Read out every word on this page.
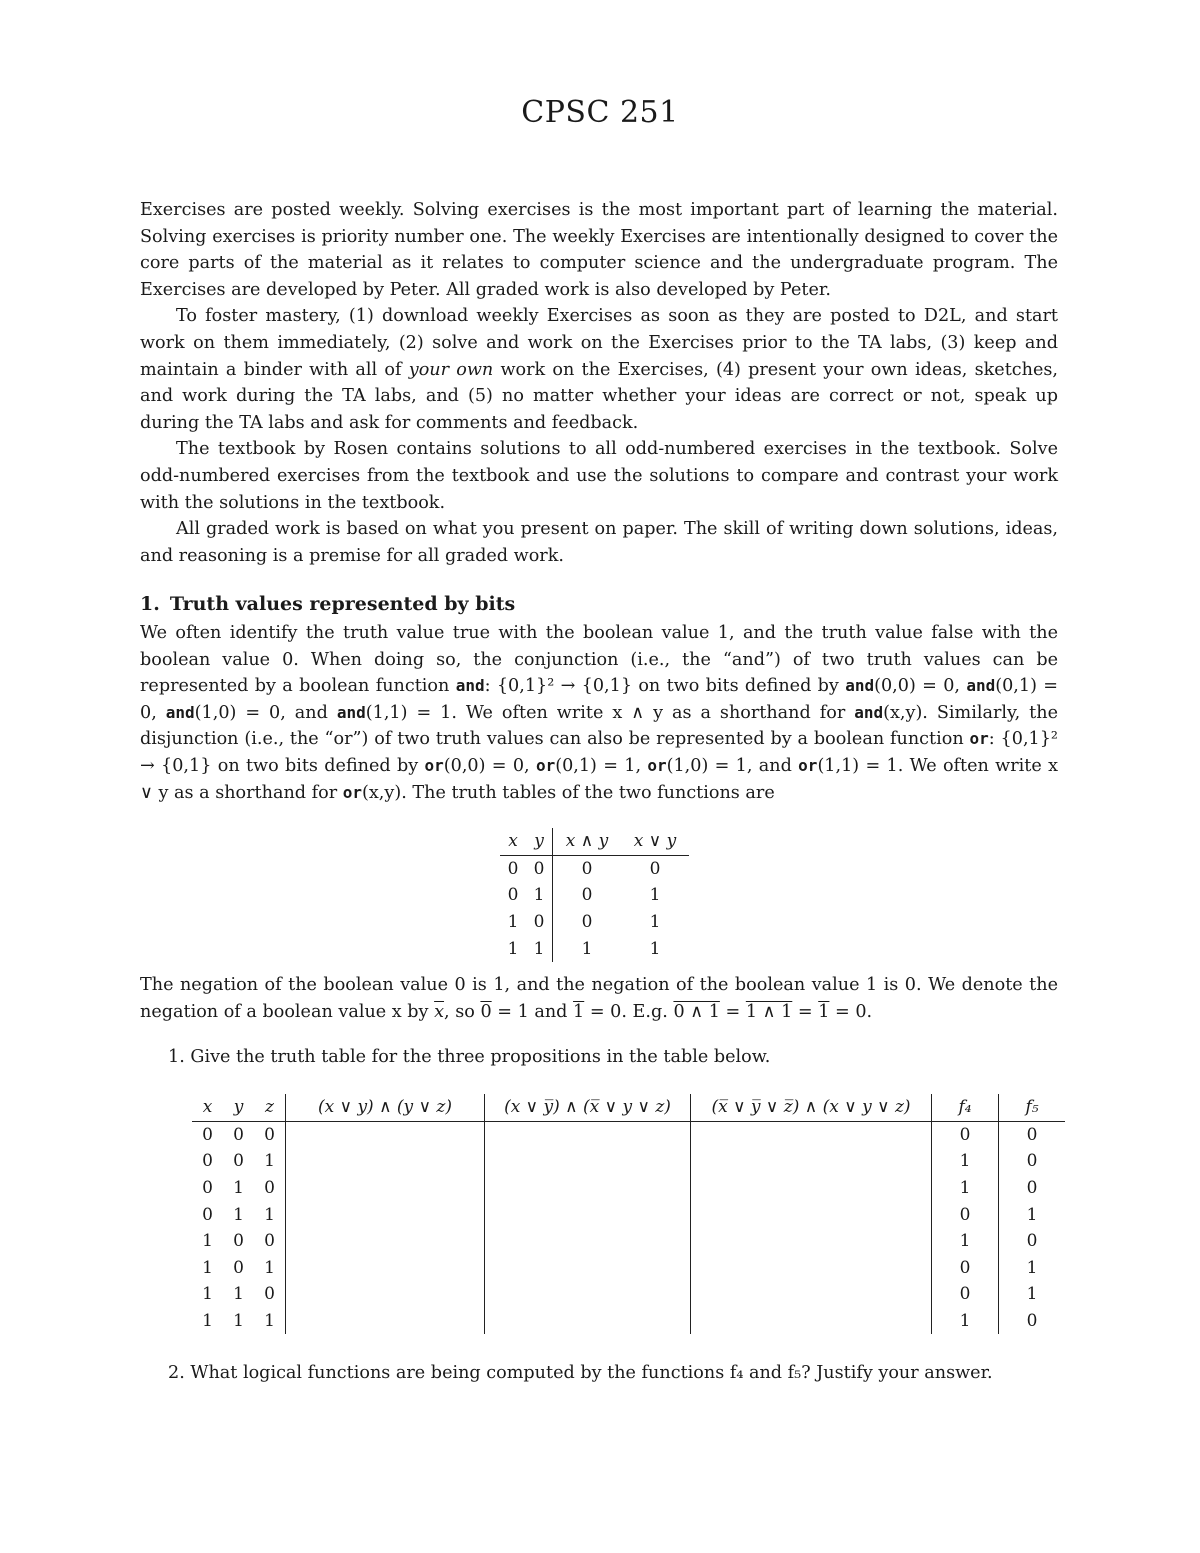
CPSC 251

Exercises are posted weekly. Solving exercises is the most important part of learning the material. Solving exercises is priority number one. The weekly Exercises are intentionally designed to cover the core parts of the material as it relates to computer science and the undergraduate program. The Exercises are developed by Peter. All graded work is also developed by Peter.

To foster mastery, (1) download weekly Exercises as soon as they are posted to D2L, and start work on them immediately, (2) solve and work on the Exercises prior to the TA labs, (3) keep and maintain a binder with all of your own work on the Exercises, (4) present your own ideas, sketches, and work during the TA labs, and (5) no matter whether your ideas are correct or not, speak up during the TA labs and ask for comments and feedback.

The textbook by Rosen contains solutions to all odd-numbered exercises in the textbook. Solve odd-numbered exercises from the textbook and use the solutions to compare and contrast your work with the solutions in the textbook.

All graded work is based on what you present on paper. The skill of writing down solutions, ideas, and reasoning is a premise for all graded work.

1. Truth values represented by bits

We often identify the truth value true with the boolean value 1, and the truth value false with the boolean value 0. When doing so, the conjunction (i.e., the “and”) of two truth values can be represented by a boolean function and: {0,1}² → {0,1} on two bits defined by and(0,0) = 0, and(0,1) = 0, and(1,0) = 0, and and(1,1) = 1. We often write x ∧ y as a shorthand for and(x,y). Similarly, the disjunction (i.e., the “or”) of two truth values can also be represented by a boolean function or: {0,1}² → {0,1} on two bits defined by or(0,0) = 0, or(0,1) = 1, or(1,0) = 1, and or(1,1) = 1. We often write x ∨ y as a shorthand for or(x,y). The truth tables of the two functions are

x	y	x ∧ y	x ∨ y
0	0	0	0
0	1	0	1
1	0	0	1
1	1	1	1

The negation of the boolean value 0 is 1, and the negation of the boolean value 1 is 0. We denote the negation of a boolean value x by $\overline{x}$, so 0 = 1 and 1 = 0. E.g. 0 ∧ 1 = 1 ∧ 1 = 1 = 0.

1. Give the truth table for the three propositions in the table below.
x	y	z	(x ∨ y) ∧ (y ∨ z)	(x ∨ y̅) ∧ (x̅ ∨ y ∨ z)	(x̅ ∨ y̅ ∨ z̅) ∧ (x ∨ y ∨ z)	f₄	f₅
0	0	0				0	0
0	0	1				1	0
0	1	0				1	0
0	1	1				0	1
1	0	0				1	0
1	0	1				0	1
1	1	0				0	1
1	1	1				1	0
2. What logical functions are being computed by the functions f₄ and f₅? Justify your answer.
